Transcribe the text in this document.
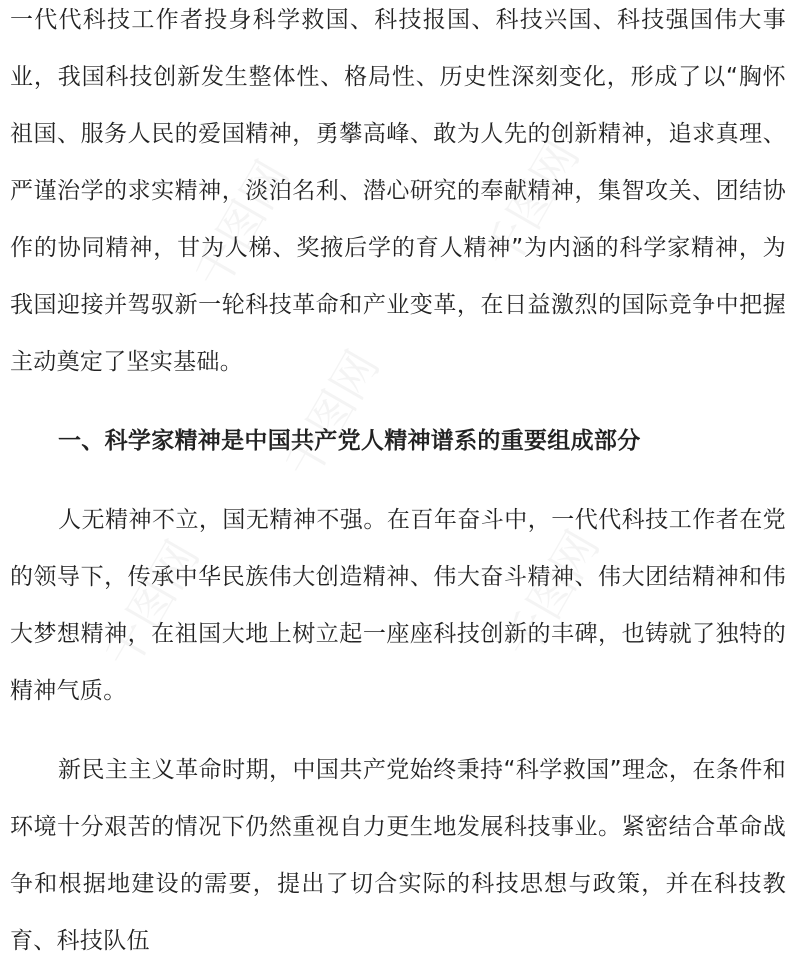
一代代科技工作者投身科学救国、科技报国、科技兴国、科技强国伟大事业，我国科技创新发生整体性、格局性、历史性深刻变化，形成了以“胸怀祖国、服务人民的爱国精神，勇攀高峰、敢为人先的创新精神，追求真理、严谨治学的求实精神，淡泊名利、潜心研究的奉献精神，集智攻关、团结协作的协同精神，甘为人梯、奖掖后学的育人精神”为内涵的科学家精神，为我国迎接并驾驭新一轮科技革命和产业变革，在日益激烈的国际竞争中把握主动奠定了坚实基础。

一、科学家精神是中国共产党人精神谱系的重要组成部分

人无精神不立，国无精神不强。在百年奋斗中，一代代科技工作者在党的领导下，传承中华民族伟大创造精神、伟大奋斗精神、伟大团结精神和伟大梦想精神，在祖国大地上树立起一座座科技创新的丰碑，也铸就了独特的精神气质。

新民主主义革命时期，中国共产党始终秉持“科学救国”理念，在条件和环境十分艰苦的情况下仍然重视自力更生地发展科技事业。紧密结合革命战争和根据地建设的需要，提出了切合实际的科技思想与政策，并在科技教育、科技队伍

千图网	千图网
千图网
千图网	千图网
